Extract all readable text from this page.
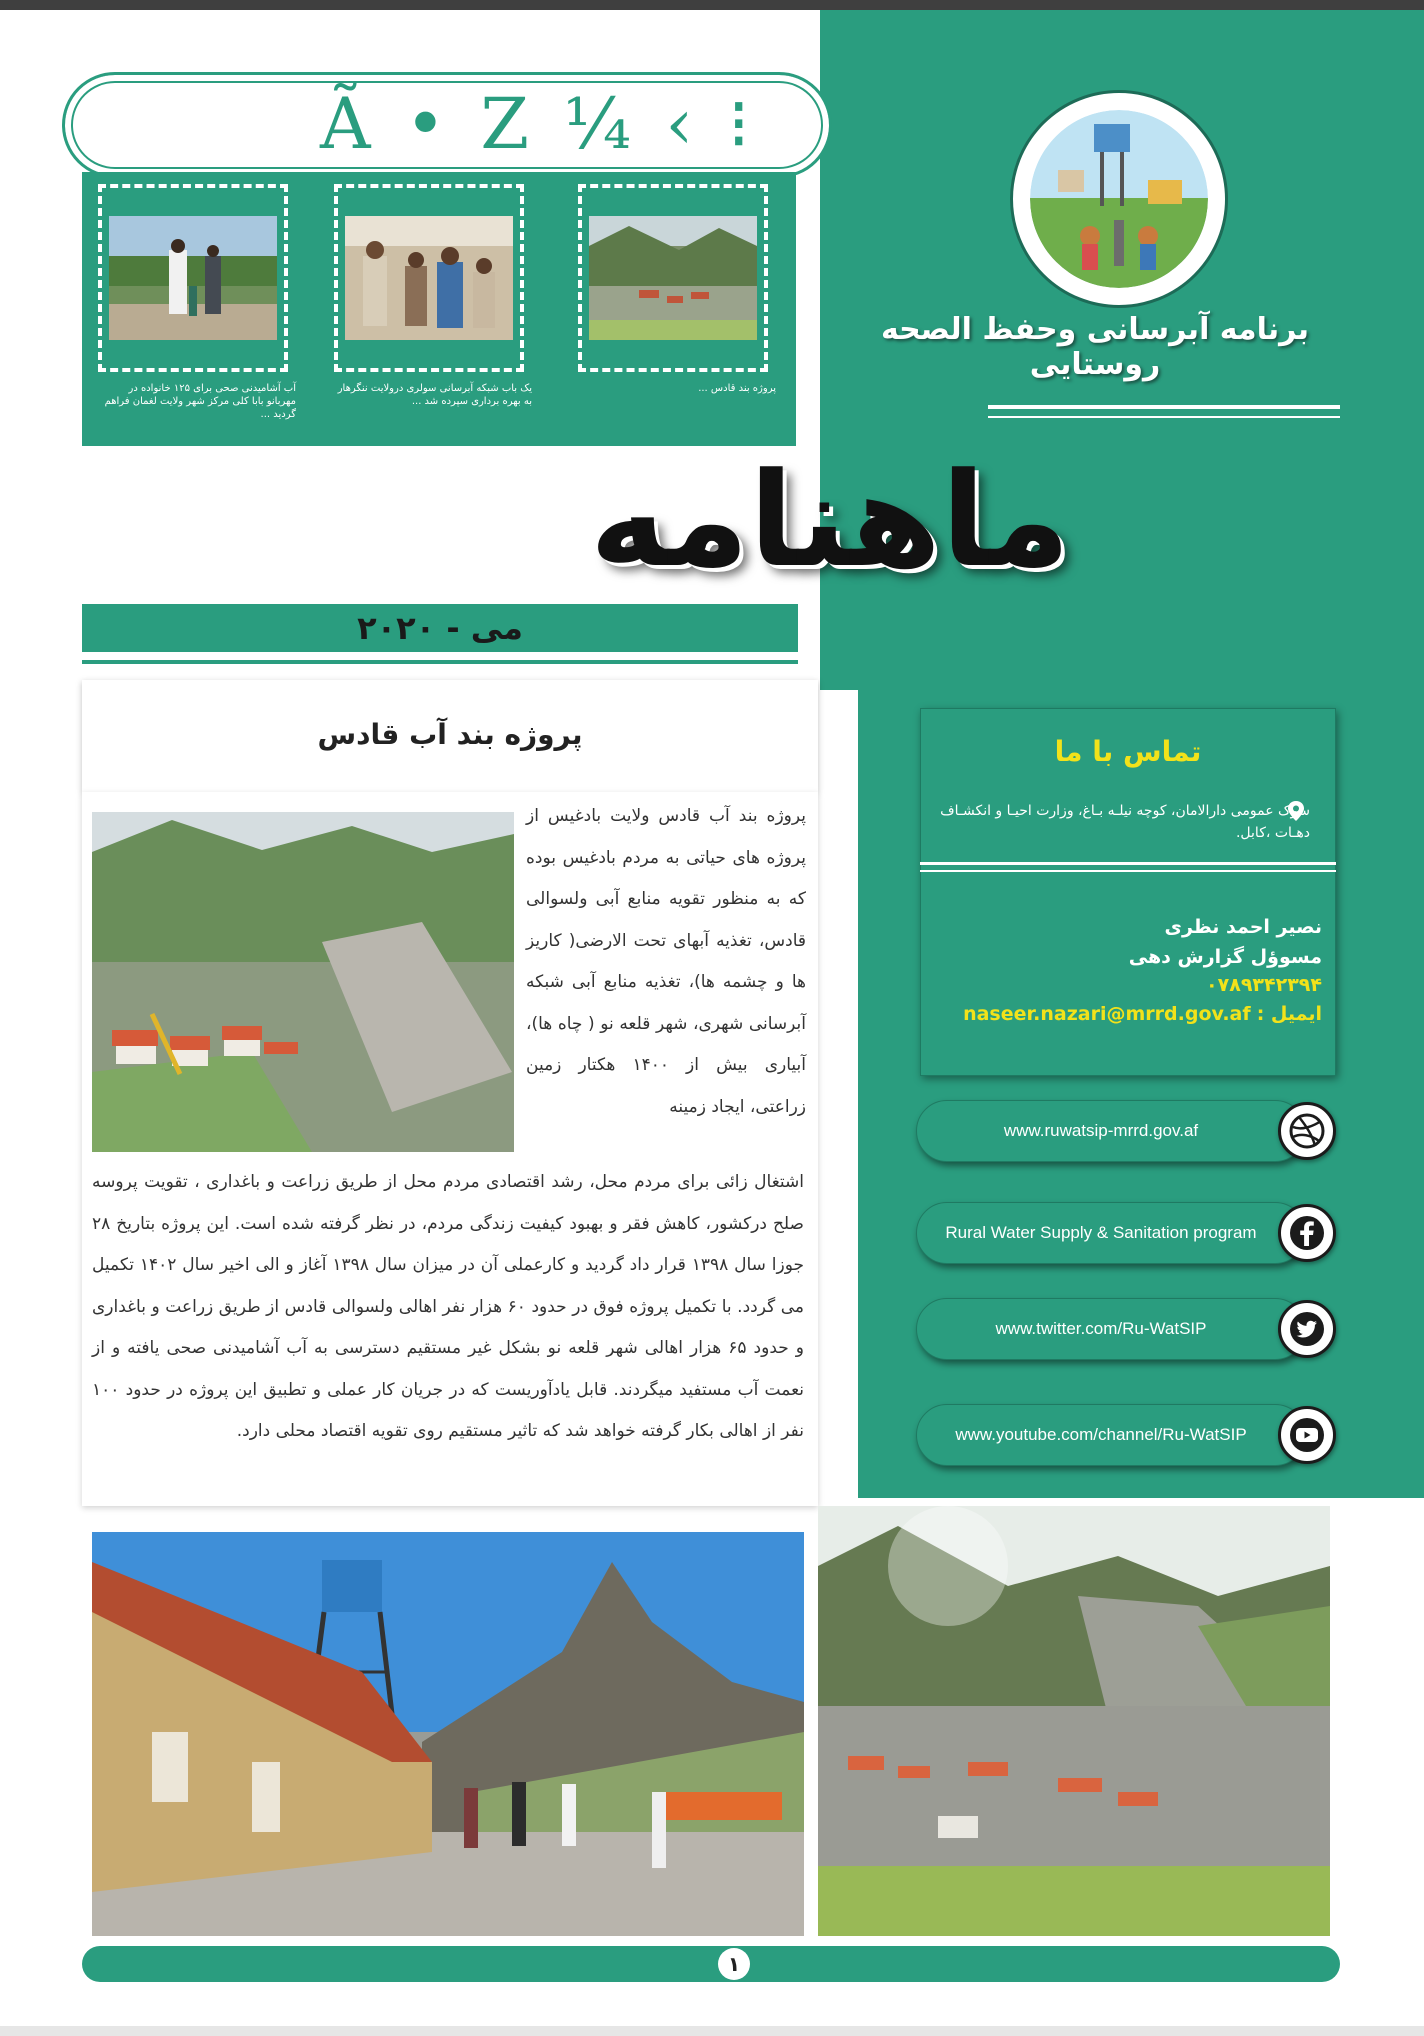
Ã • Z ¼ ‹ ⁝
آب آشامیدنی صحی برای ۱۲۵ خانواده در مهربانو بابا کلی مرکز شهر ولایت لغمان فراهم گردید ...
یک باب شبکه آبرسانی سولری درولایت ننگرهار به بهره برداری سپرده شد ...
پروژه بند قادس ...
برنامه آبرسانی وحفظ الصحه روستایی
ماهنامه
می - ۲۰۲۰
پروژه بند آب قادس
پروژه بند آب قادس ولایت بادغیس از پروژه های حیاتی به مردم بادغیس بوده که به منظور تقویه منابع آبی ولسوالی قادس، تغذیه آبهای تحت الارضی( کاریز ها و چشمه ها)، تغذیه منابع آبی شبکه آبرسانی شهری، شهر قلعه نو ( چاه ها)، آبیاری بیش از ۱۴۰۰ هکتار زمین زراعتی، ایجاد زمینه
اشتغال زائی برای مردم محل، رشد اقتصادی مردم محل از طریق زراعت و باغداری ، تقویت پروسه صلح درکشور، کاهش فقر و بهبود کیفیت زندگی مردم، در نظر گرفته شده است. این پروژه بتاریخ ۲۸ جوزا سال ۱۳۹۸ قرار داد گردید و کارعملی آن در میزان سال ۱۳۹۸ آغاز و الی اخیر سال ۱۴۰۲ تکمیل می گردد. با تکمیل پروژه فوق در حدود ۶۰ هزار نفر اهالی ولسوالی قادس از طریق زراعت و باغداری و حدود ۶۵ هزار اهالی شهر قلعه نو بشکل غیر مستقیم دسترسی به آب آشامیدنی صحی یافته و از نعمت آب مستفید میگردند. قابل یادآوریست که در جریان کار عملی و تطبیق این پروژه در حدود ۱۰۰ نفر از اهالی بکار گرفته خواهد شد که تاثیر مستقیم روی تقویه اقتصاد محلی دارد.
تماس با ما
سرک عمومی دارالامان، کوچه نیلـه بـاغ، وزارت احیـا و انکشـاف دهـات ،کابل.
نصیر احمد نظری
مسوؤل گزارش دهی
۰۷۸۹۳۴۲۳۹۴
ایمیل : naseer.nazari@mrrd.gov.af
www.ruwatsip-mrrd.gov.af
Rural Water Supply & Sanitation program
www.twitter.com/Ru-WatSIP
www.youtube.com/channel/Ru-WatSIP
۱
